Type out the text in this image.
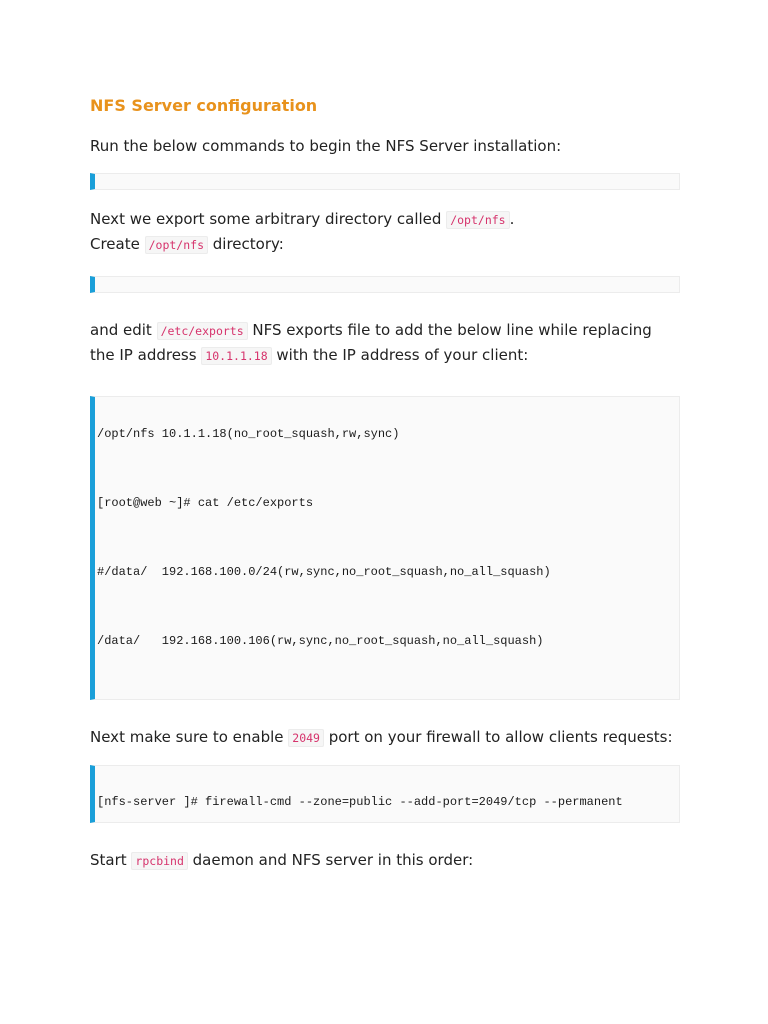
NFS Server configuration

Run the below commands to begin the NFS Server installation:

Next we export some arbitrary directory called /opt/nfs .
Create /opt/nfs directory:

and edit /etc/exports NFS exports file to add the below line while replacing the IP address 10.1.1.18 with the IP address of your client:

/opt/nfs 10.1.1.18(no_root_squash,rw,sync)

[root@web ~]# cat /etc/exports

#/data/  192.168.100.0/24(rw,sync,no_root_squash,no_all_squash)

/data/   192.168.100.106(rw,sync,no_root_squash,no_all_squash)

Next make sure to enable 2049 port on your firewall to allow clients requests:

[nfs-server ]# firewall-cmd --zone=public --add-port=2049/tcp --permanent

Start rpcbind daemon and NFS server in this order:
